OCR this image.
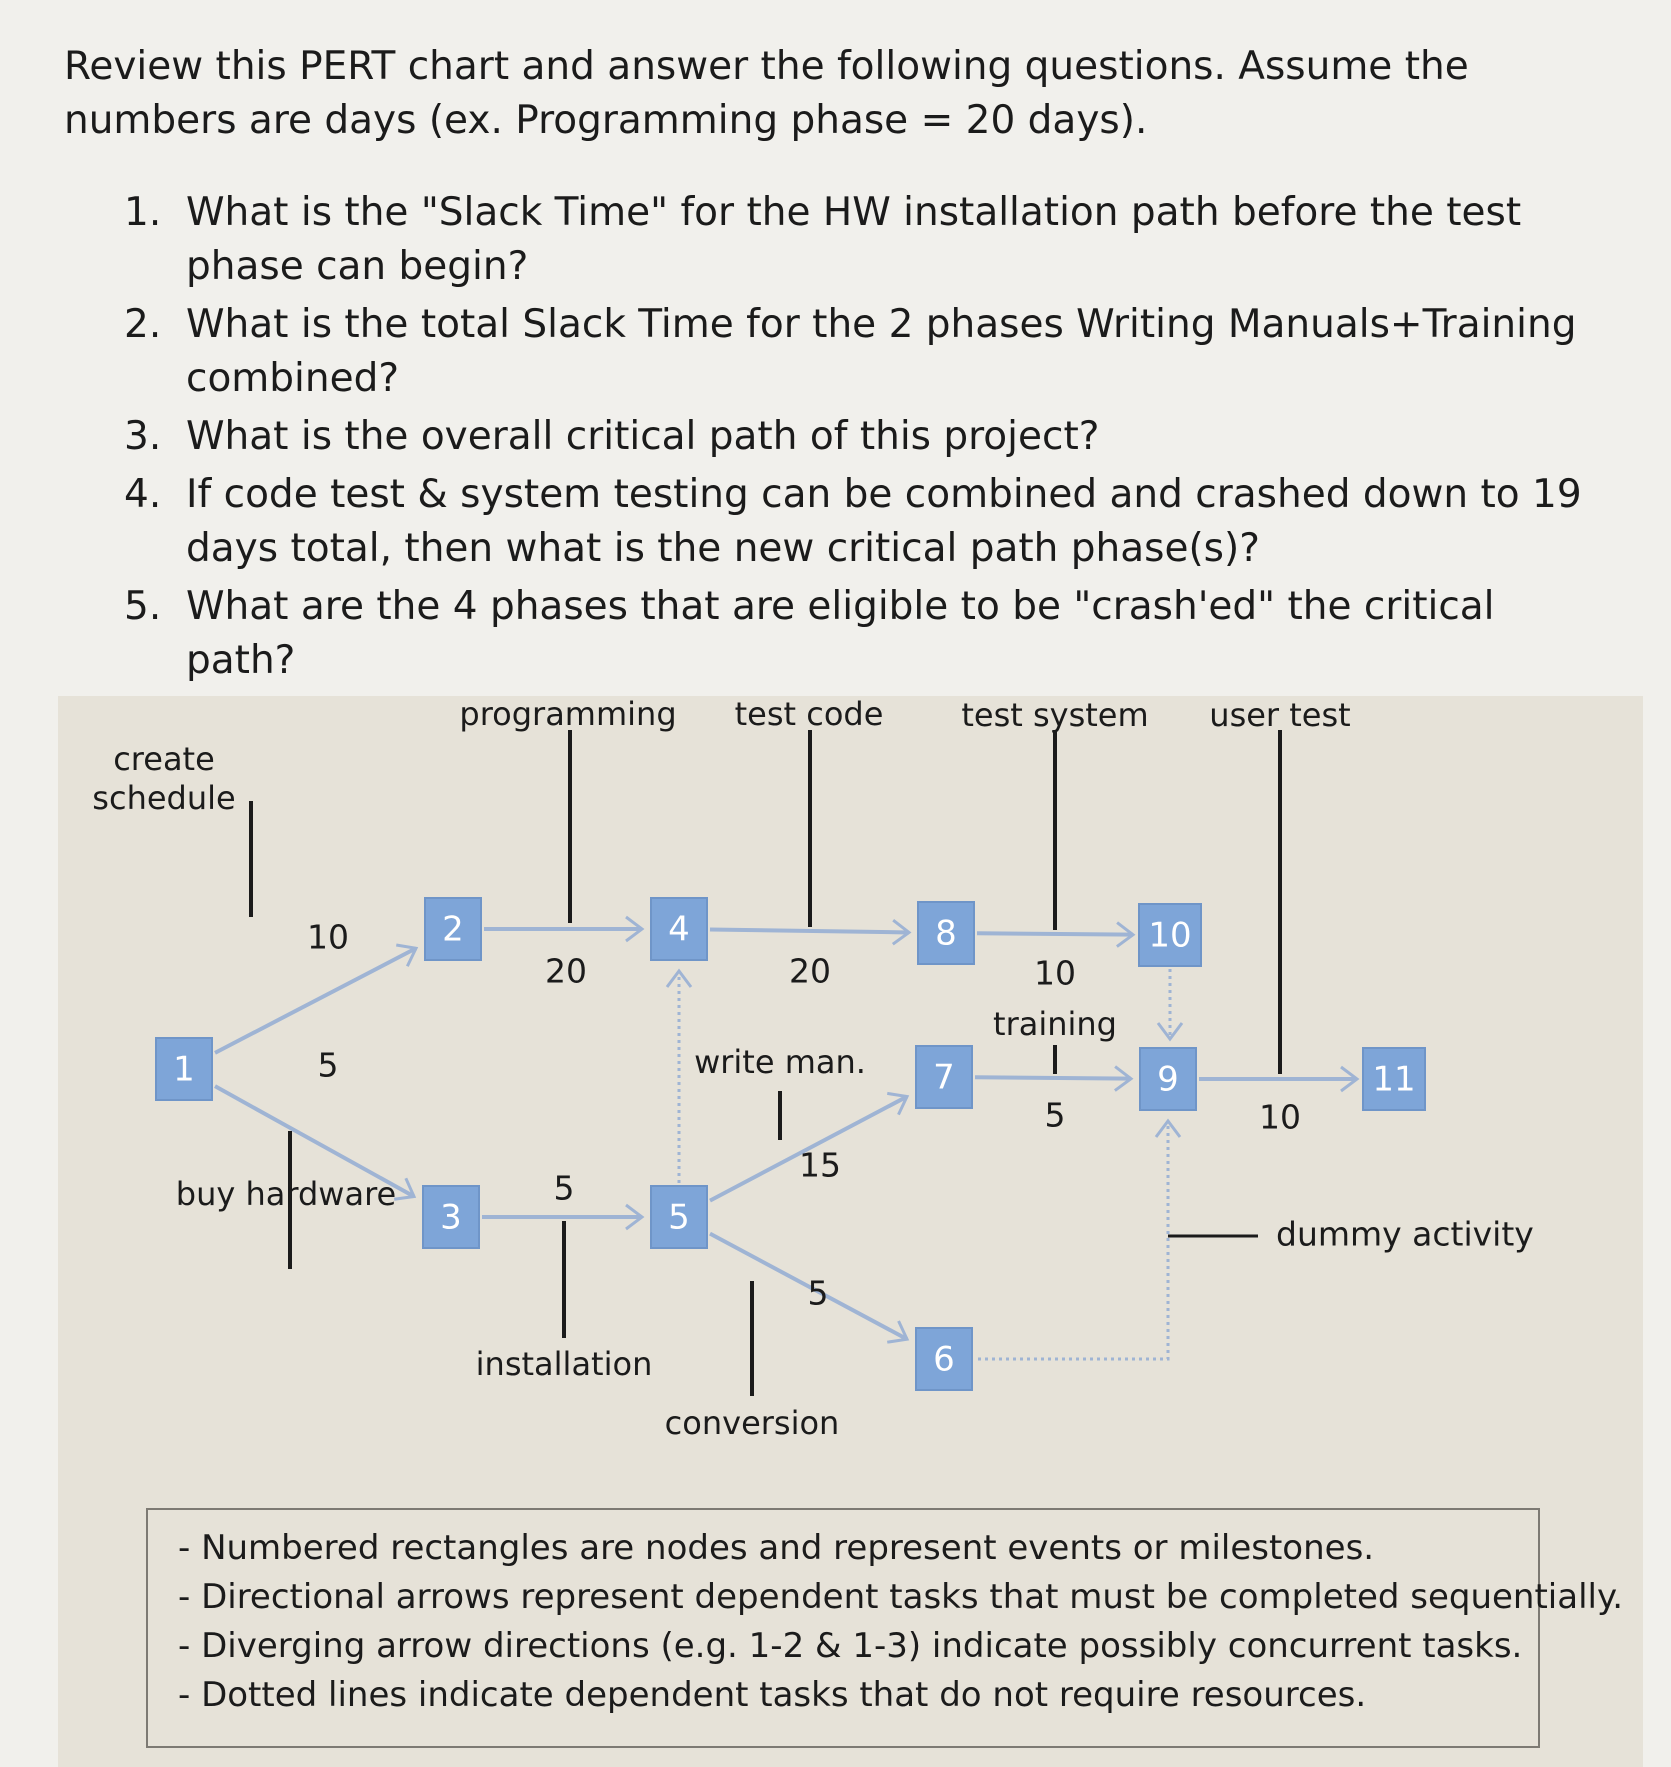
Review this PERT chart and answer the following questions. Assume the numbers are days (ex. Programming phase = 20 days).

1. What is the "Slack Time" for the HW installation path before the test phase can begin?
2. What is the total Slack Time for the 2 phases Writing Manuals+Training combined?
3. What is the overall critical path of this project?
4. If code test & system testing can be combined and crashed down to 19 days total, then what is the new critical path phase(s)?
5. What are the 4 phases that are eligible to be "crash'ed" the critical path?
create
schedule
10
buy hardware
5
programming
20
installation
5
test code
20
write man.
15
conversion
5
test system
10
training
5
user test
10
1
2
3
4
5
6
7
8
9
10
11
dummy activity
- Numbered rectangles are nodes and represent events or milestones.
- Directional arrows represent dependent tasks that must be completed sequentially.
- Diverging arrow directions (e.g. 1-2 & 1-3) indicate possibly concurrent tasks.
- Dotted lines indicate dependent tasks that do not require resources.
